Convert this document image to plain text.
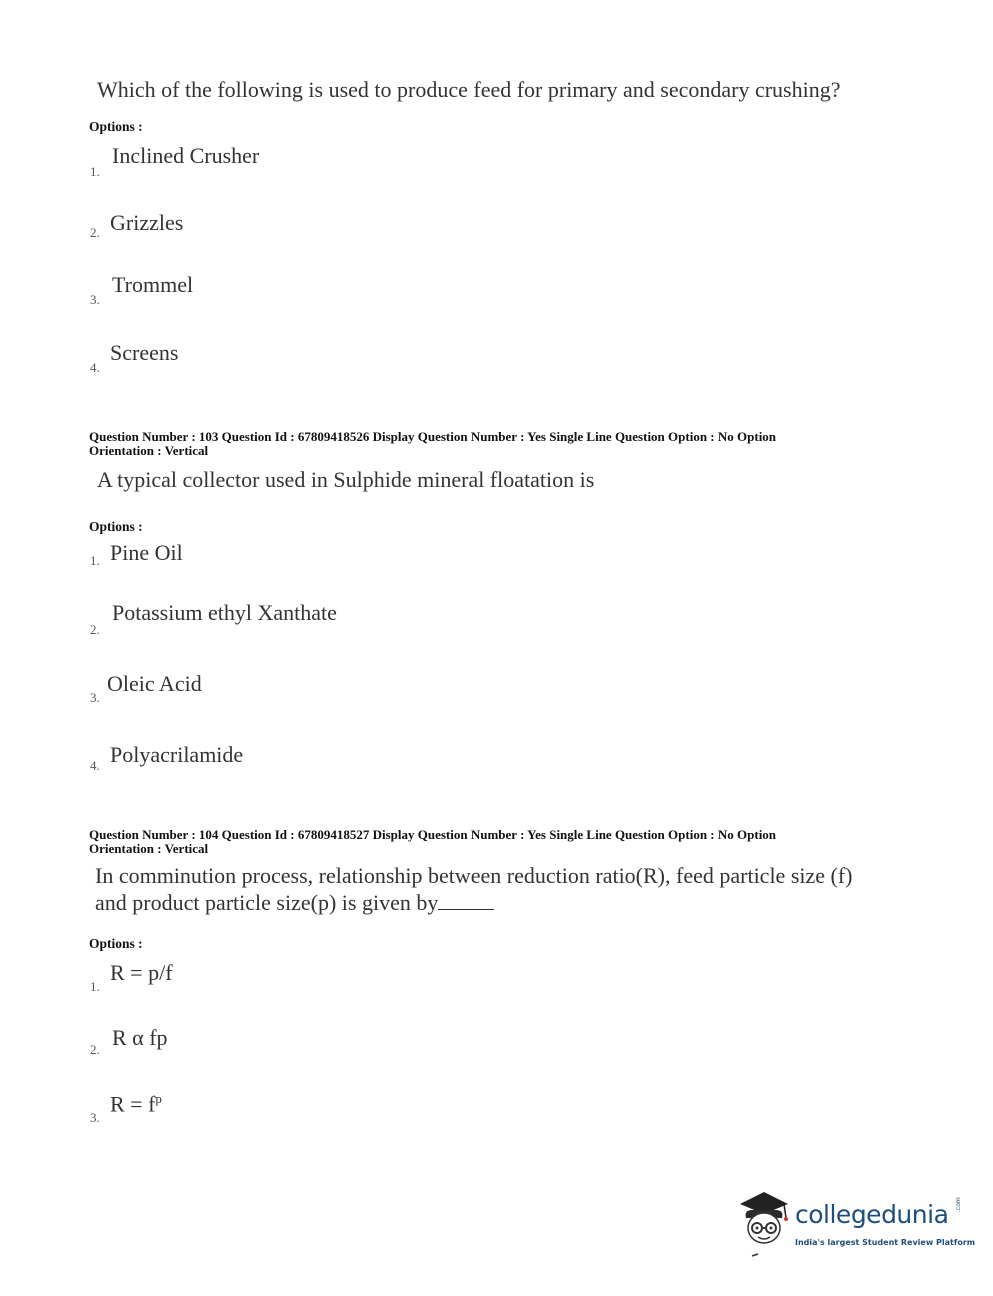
Which of the following is used to produce feed for primary and secondary crushing?
Options :
1.
Inclined Crusher
2. Grizzles
3.
Trommel
4.
Screens
Question Number : 103 Question Id : 67809418526 Display Question Number : Yes Single Line Question Option : No Option
Orientation : Vertical
A typical collector used in Sulphide mineral floatation is
Options :
1. Pine Oil
2.
Potassium ethyl Xanthate
3.
Oleic Acid
4. Polyacrilamide
Question Number : 104 Question Id : 67809418527 Display Question Number : Yes Single Line Question Option : No Option
Orientation : Vertical
In comminution process, relationship between reduction ratio(R), feed particle size (f)
and product particle size(p) is given by
Options :
1.
R = p/f
2. R α fp
3.
$R = f^p$
collegedunia .com
India's largest Student Review Platform
